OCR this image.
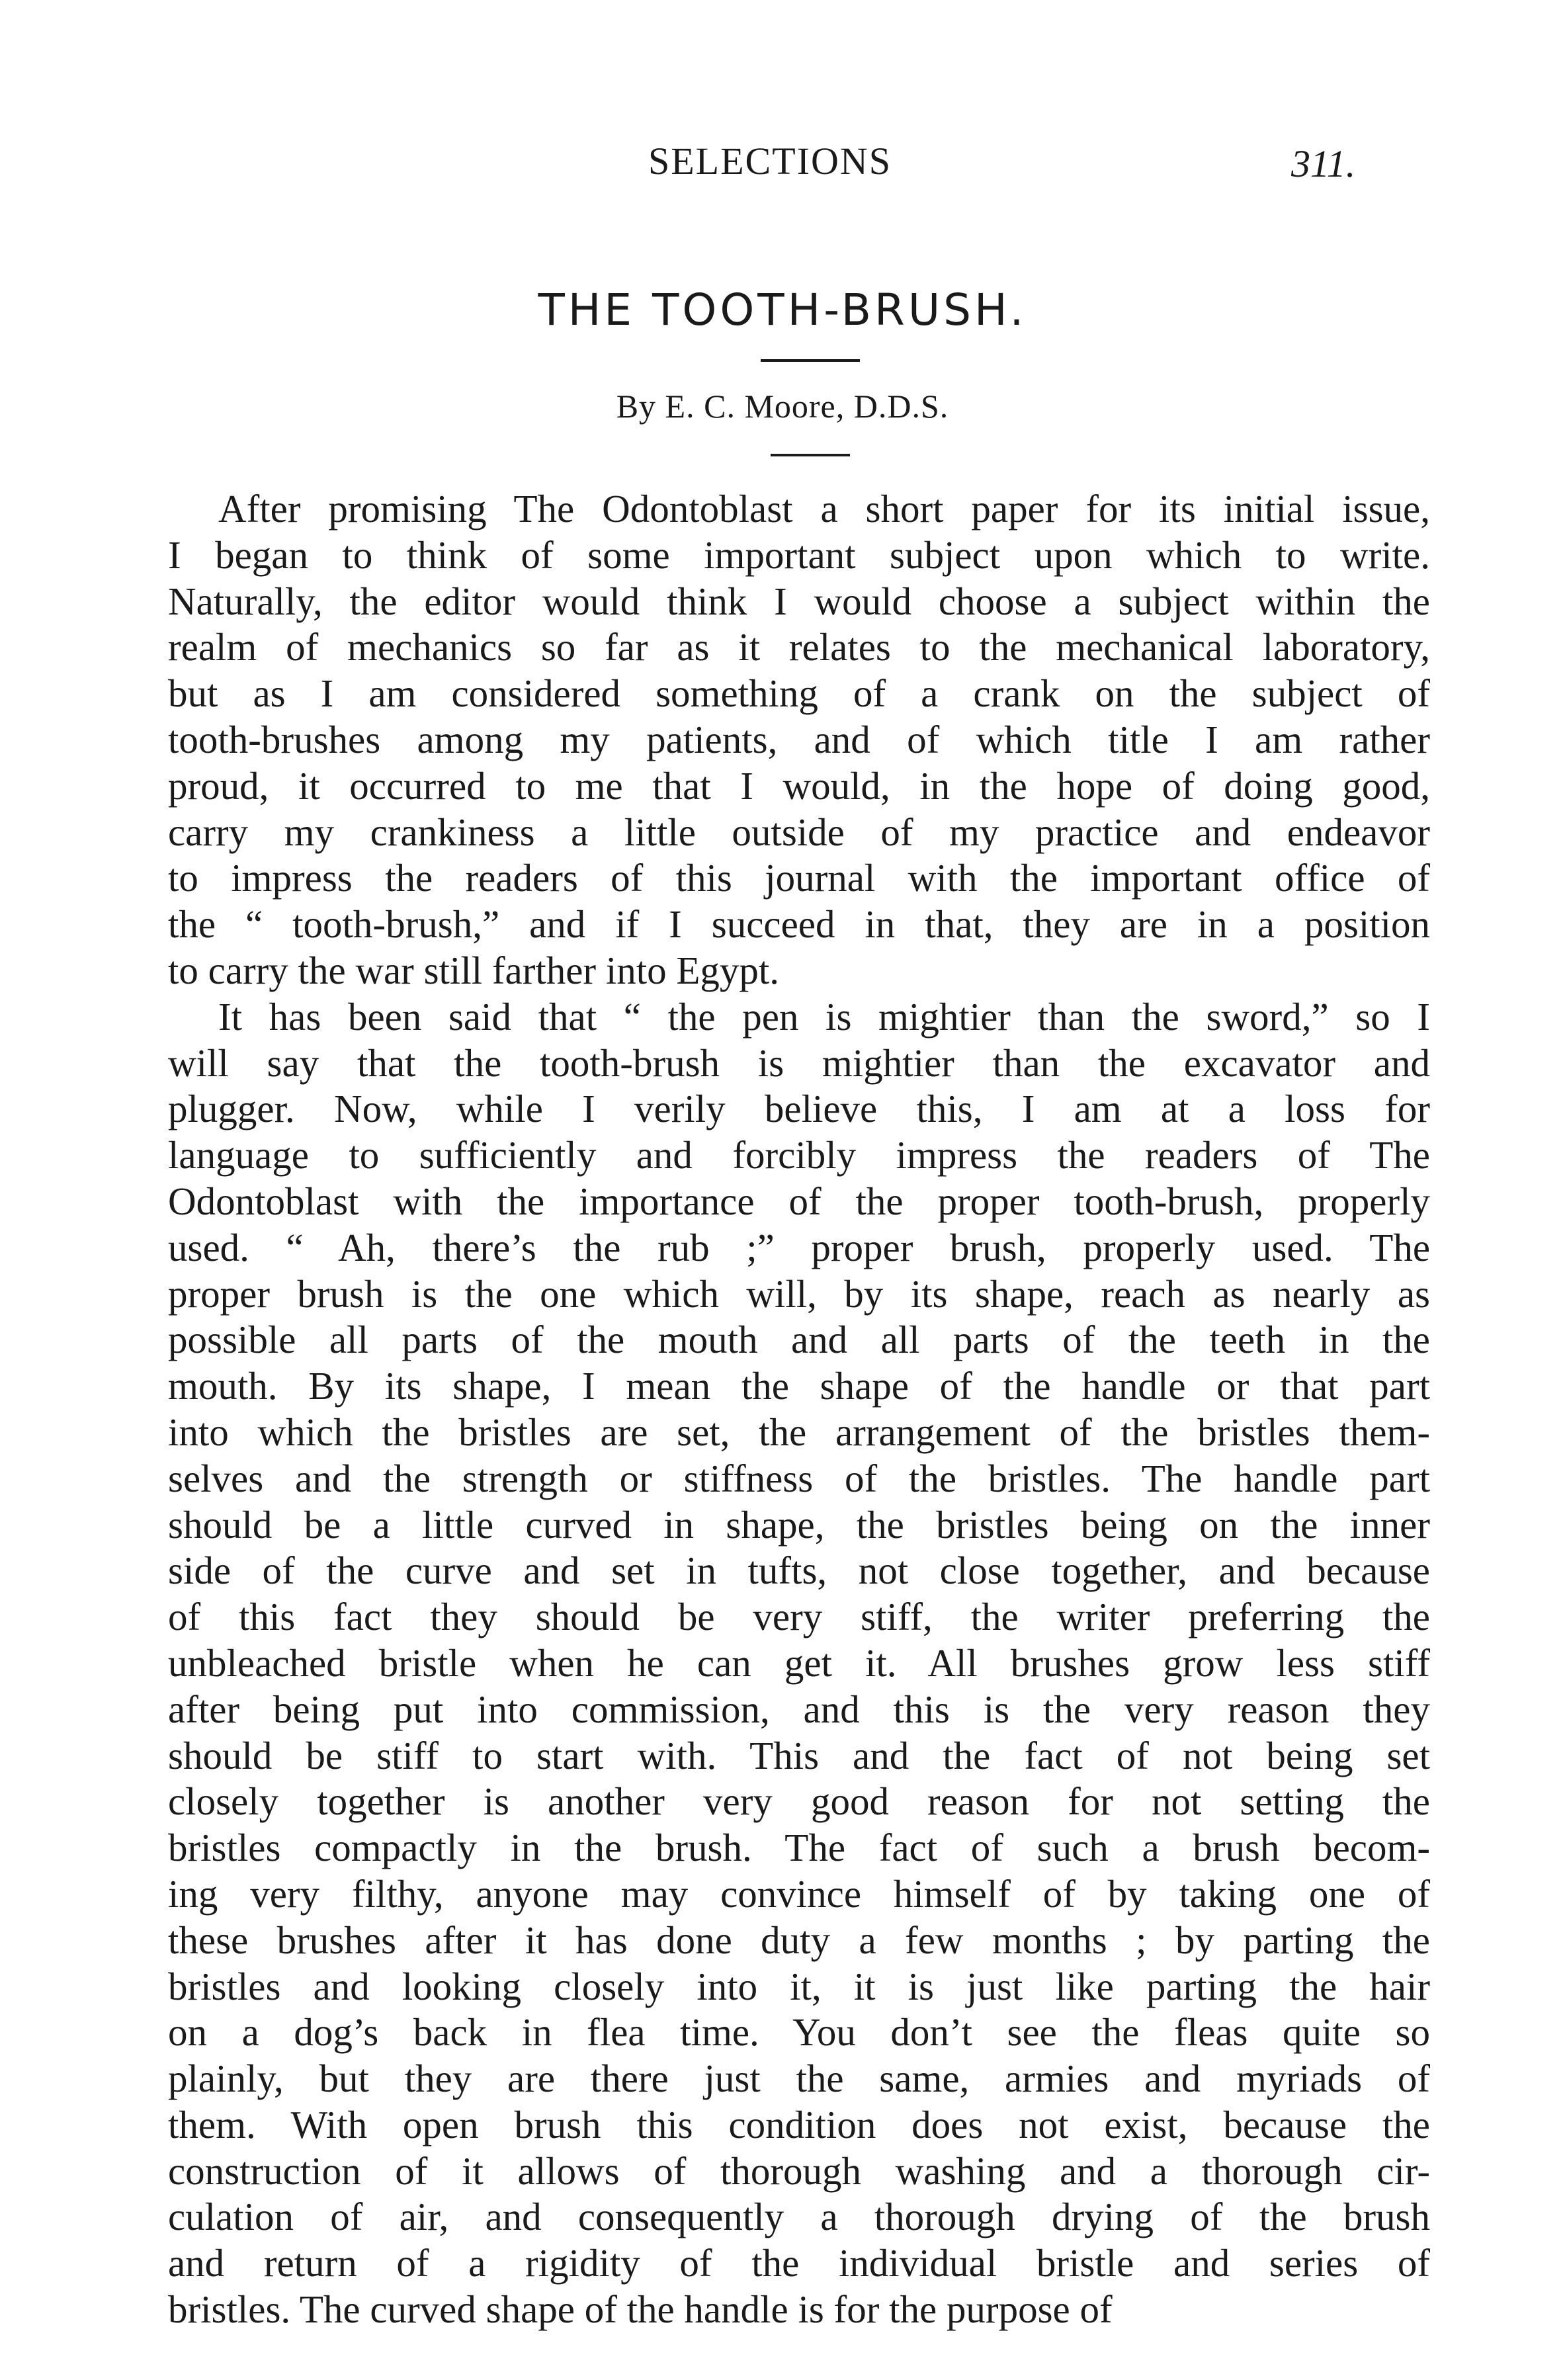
SELECTIONS	311.
THE TOOTH-BRUSH.
By E. C. Moore, D.D.S.
After promising The Odontoblast a short paper for its initial issue,
I began to think of some important subject upon which to write.
Naturally, the editor would think I would choose a subject within the
realm of mechanics so far as it relates to the mechanical laboratory,
but as I am considered something of a crank on the subject of
tooth-brushes among my patients, and of which title I am rather
proud, it occurred to me that I would, in the hope of doing good,
carry my crankiness a little outside of my practice and endeavor
to impress the readers of this journal with the important office of
the “ tooth-brush,” and if I succeed in that, they are in a position
to carry the war still farther into Egypt.
It has been said that “ the pen is mightier than the sword,” so I
will say that the tooth-brush is mightier than the excavator and
plugger. Now, while I verily believe this, I am at a loss for
language to sufficiently and forcibly impress the readers of The
Odontoblast with the importance of the proper tooth-brush, properly
used. “ Ah, there’s the rub ;” proper brush, properly used. The
proper brush is the one which will, by its shape, reach as nearly as
possible all parts of the mouth and all parts of the teeth in the
mouth. By its shape, I mean the shape of the handle or that part
into which the bristles are set, the arrangement of the bristles them-
selves and the strength or stiffness of the bristles. The handle part
should be a little curved in shape, the bristles being on the inner
side of the curve and set in tufts, not close together, and because
of this fact they should be very stiff, the writer preferring the
unbleached bristle when he can get it. All brushes grow less stiff
after being put into commission, and this is the very reason they
should be stiff to start with. This and the fact of not being set
closely together is another very good reason for not setting the
bristles compactly in the brush. The fact of such a brush becom-
ing very filthy, anyone may convince himself of by taking one of
these brushes after it has done duty a few months ; by parting the
bristles and looking closely into it, it is just like parting the hair
on a dog’s back in flea time. You don’t see the fleas quite so
plainly, but they are there just the same, armies and myriads of
them. With open brush this condition does not exist, because the
construction of it allows of thorough washing and a thorough cir-
culation of air, and consequently a thorough drying of the brush
and return of a rigidity of the individual bristle and series of
bristles. The curved shape of the handle is for the purpose of
